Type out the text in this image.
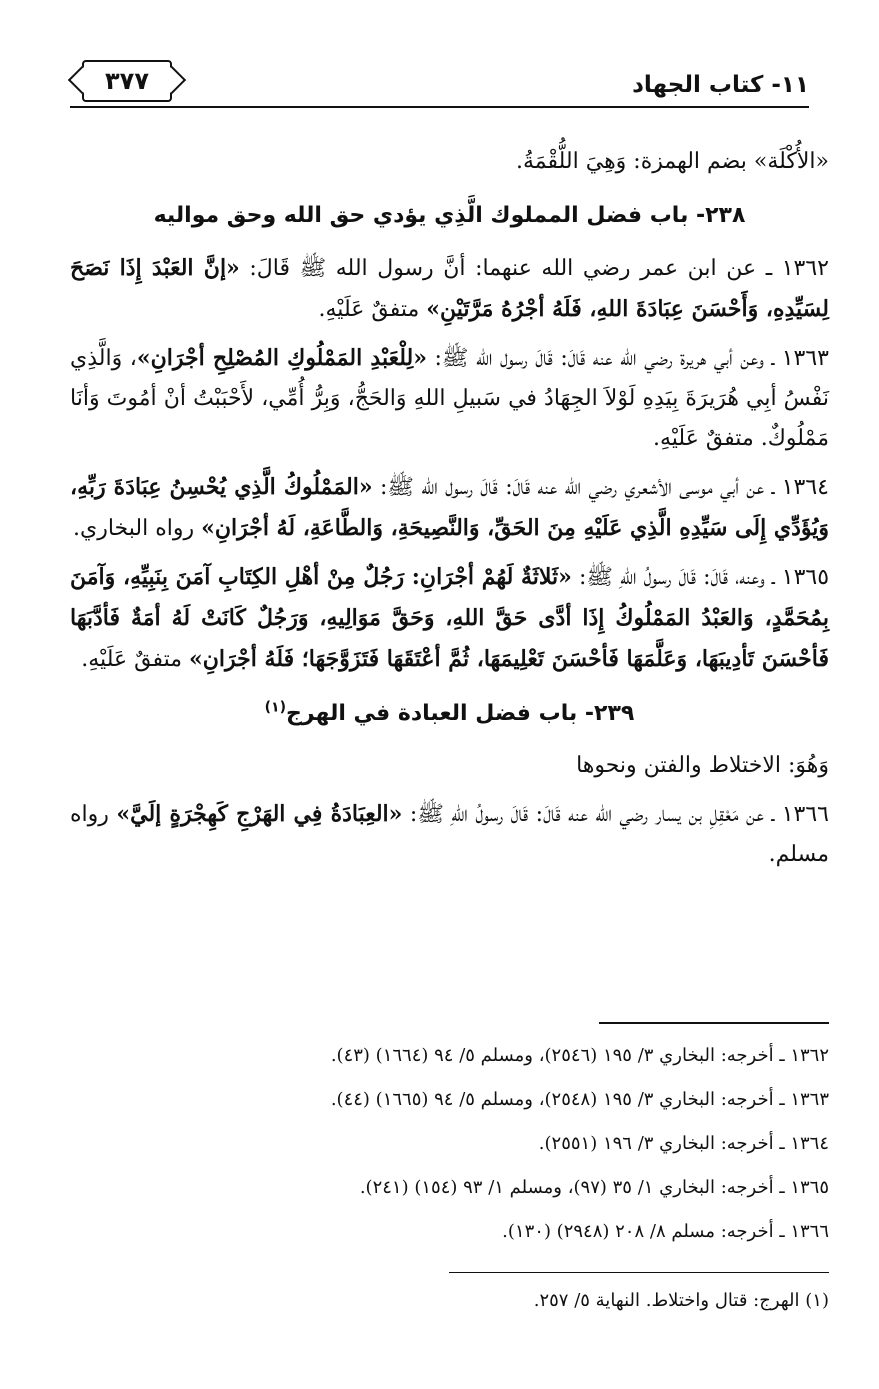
١١- كتاب الجهاد
٣٧٧

«الأُكْلَة» بضم الهمزة: وَهِيَ اللُّقْمَةُ.

٢٣٨- باب فضل المملوك الَّذِي يؤدي حق الله وحق مواليه

١٣٦٢ ـ عن ابن عمر رضي الله عنهما: أنَّ رسول الله ﷺ قَالَ: «إنَّ العَبْدَ إِذَا نَصَحَ لِسَيِّدِهِ، وَأَحْسَنَ عِبَادَةَ اللهِ، فَلَهُ أجْرُهُ مَرَّتَيْنِ» متفقٌ عَلَيْهِ.

١٣٦٣ ـ وعن أبي هريرة رضي الله عنه قَالَ: قَالَ رسول الله ﷺ: «لِلْعَبْدِ المَمْلُوكِ المُصْلِحِ أجْرَانِ»، وَالَّذِي نَفْسُ أبِي هُرَيرَةَ بِيَدِهِ لَوْلاَ الجِهَادُ في سَبيلِ اللهِ وَالحَجُّ، وَبِرُّ أُمِّي، لأَحْبَبْتُ أنْ أمُوتَ وَأنَا مَمْلُوكٌ. متفقٌ عَلَيْهِ.

١٣٦٤ ـ عن أبي موسى الأشعري رضي الله عنه قَالَ: قَالَ رسول الله ﷺ: «المَمْلُوكُ الَّذِي يُحْسِنُ عِبَادَةَ رَبِّهِ، وَيُؤَدِّي إِلَى سَيِّدِهِ الَّذِي عَلَيْهِ مِنَ الحَقِّ، وَالنَّصِيحَةِ، وَالطَّاعَةِ، لَهُ أجْرَانِ» رواه البخاري.

١٣٦٥ ـ وعنه، قَالَ: قَالَ رسولُ اللهِ ﷺ: «ثَلاثَةٌ لَهُمْ أجْرَانِ: رَجُلٌ مِنْ أهْلِ الكِتَابِ آمَنَ بِنَبِيِّهِ، وَآمَنَ بِمُحَمَّدٍ، وَالعَبْدُ المَمْلُوكُ إِذَا أدَّى حَقَّ اللهِ، وَحَقَّ مَوَالِيهِ، وَرَجُلٌ كَانَتْ لَهُ أمَةٌ فَأدَّبَهَا فَأحْسَنَ تَأدِيبَهَا، وَعَلَّمَهَا فَأحْسَنَ تَعْلِيمَهَا، ثُمَّ أعْتَقَهَا فَتَزَوَّجَهَا؛ فَلَهُ أجْرَانِ» متفقٌ عَلَيْهِ.

٢٣٩- باب فضل العبادة في الهرج$^{(١)}$

وَهُوَ: الاختلاط والفتن ونحوها

١٣٦٦ ـ عن مَعْقِلِ بن يسار رضي الله عنه قَالَ: قَالَ رسولُ اللهِ ﷺ: «العِبَادَةُ فِي الهَرْجِ كَهِجْرَةٍ إلَيَّ» رواه مسلم.

١٣٦٢ ـ أخرجه: البخاري ٣/ ١٩٥ (٢٥٤٦)، ومسلم ٥/ ٩٤ (١٦٦٤) (٤٣).

١٣٦٣ ـ أخرجه: البخاري ٣/ ١٩٥ (٢٥٤٨)، ومسلم ٥/ ٩٤ (١٦٦٥) (٤٤).

١٣٦٤ ـ أخرجه: البخاري ٣/ ١٩٦ (٢٥٥١).

١٣٦٥ ـ أخرجه: البخاري ١/ ٣٥ (٩٧)، ومسلم ١/ ٩٣ (١٥٤) (٢٤١).

١٣٦٦ ـ أخرجه: مسلم ٨/ ٢٠٨ (٢٩٤٨) (١٣٠).

(١) الهرج: قتال واختلاط. النهاية ٥/ ٢٥٧.
